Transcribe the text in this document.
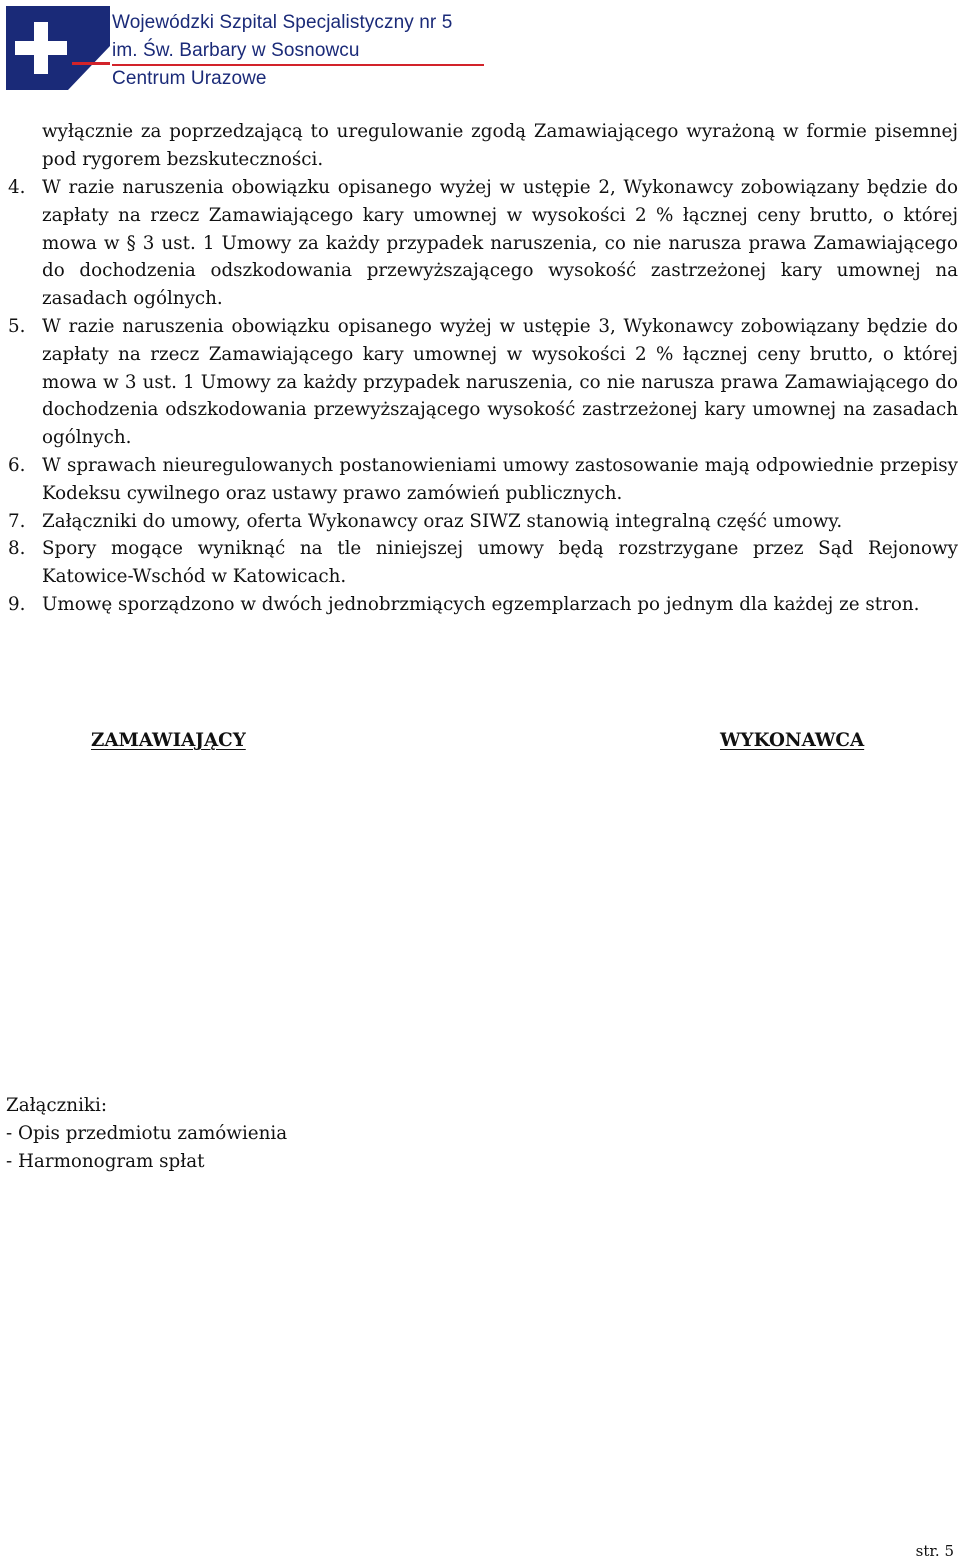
Wojewódzki Szpital Specjalistyczny nr 5
im. Św. Barbary w Sosnowcu
Centrum Urazowe

wyłącznie za poprzedzającą to uregulowanie zgodą Zamawiającego wyrażoną w formie pisemnej pod rygorem bezskuteczności.

4. W razie naruszenia obowiązku opisanego wyżej w ustępie 2, Wykonawcy zobowiązany będzie do zapłaty na rzecz Zamawiającego kary umownej w wysokości 2 % łącznej ceny brutto, o której mowa w § 3 ust. 1 Umowy za każdy przypadek naruszenia, co nie narusza prawa Zamawiającego do dochodzenia odszkodowania przewyższającego wysokość zastrzeżonej kary umownej na zasadach ogólnych.
5. W razie naruszenia obowiązku opisanego wyżej w ustępie 3, Wykonawcy zobowiązany będzie do zapłaty na rzecz Zamawiającego kary umownej w wysokości 2 % łącznej ceny brutto, o której mowa w 3 ust. 1 Umowy za każdy przypadek naruszenia, co nie narusza prawa Zamawiającego do dochodzenia odszkodowania przewyższającego wysokość zastrzeżonej kary umownej na zasadach ogólnych.
6. W sprawach nieuregulowanych postanowieniami umowy zastosowanie mają odpowiednie przepisy Kodeksu cywilnego oraz ustawy prawo zamówień publicznych.
7. Załączniki do umowy, oferta Wykonawcy oraz SIWZ stanowią integralną część umowy.
8. Spory mogące wyniknąć na tle niniejszej umowy będą rozstrzygane przez Sąd Rejonowy Katowice-Wschód w Katowicach.
9. Umowę sporządzono w dwóch jednobrzmiących egzemplarzach po jednym dla każdej ze stron.
ZAMAWIAJĄCY	WYKONAWCA
Załączniki:
- Opis przedmiotu zamówienia
- Harmonogram spłat
str. 5
